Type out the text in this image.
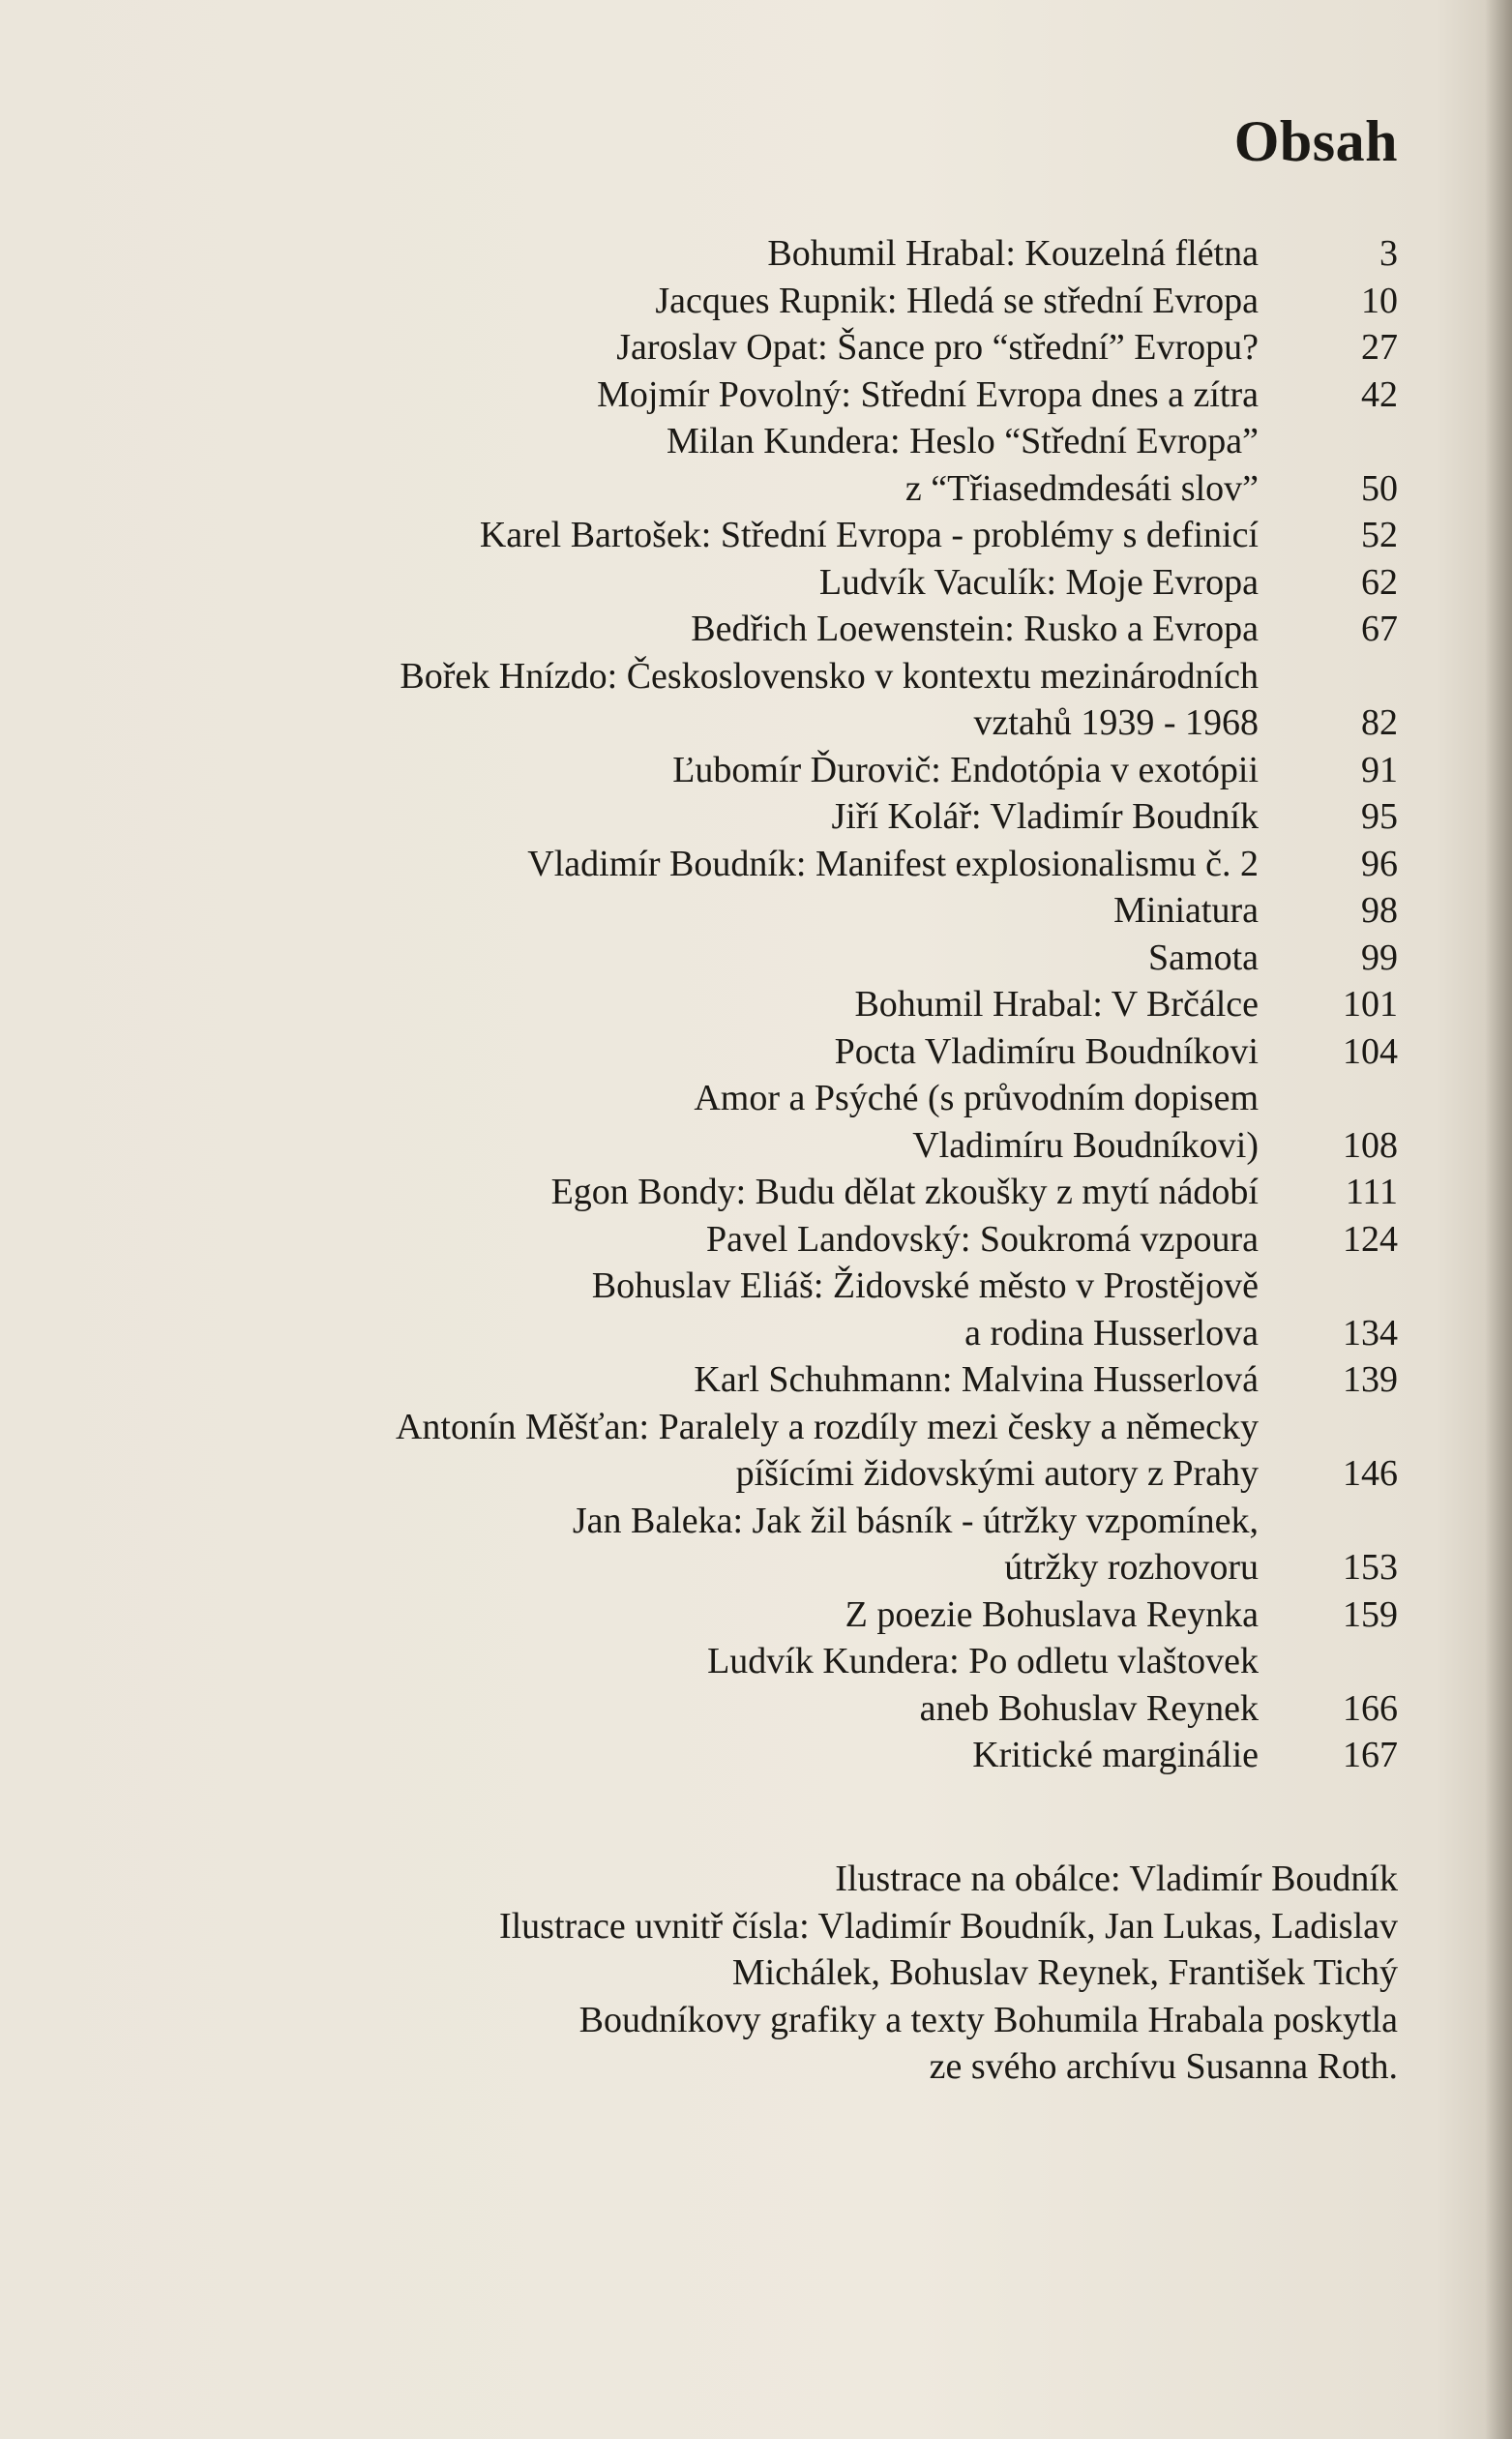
Obsah
Bohumil Hrabal: Kouzelná flétna	3
Jacques Rupnik: Hledá se střední Evropa	10
Jaroslav Opat: Šance pro “střední” Evropu?	27
Mojmír Povolný: Střední Evropa dnes a zítra	42
Milan Kundera: Heslo “Střední Evropa”
z “Třiasedmdesáti slov”	50
Karel Bartošek: Střední Evropa - problémy s definicí	52
Ludvík Vaculík: Moje Evropa	62
Bedřich Loewenstein: Rusko a Evropa	67
Bořek Hnízdo: Československo v kontextu mezinárodních
vztahů 1939 - 1968	82
Ľubomír Ďurovič: Endotópia v exotópii	91
Jiří Kolář: Vladimír Boudník	95
Vladimír Boudník: Manifest explosionalismu č. 2	96
Miniatura	98
Samota	99
Bohumil Hrabal: V Brčálce	101
Pocta Vladimíru Boudníkovi	104
Amor a Psýché (s průvodním dopisem
Vladimíru Boudníkovi)	108
Egon Bondy: Budu dělat zkoušky z mytí nádobí	111
Pavel Landovský: Soukromá vzpoura	124
Bohuslav Eliáš: Židovské město v Prostějově
a rodina Husserlova	134
Karl Schuhmann: Malvina Husserlová	139
Antonín Měšťan: Paralely a rozdíly mezi česky a německy
píšícími židovskými autory z Prahy	146
Jan Baleka: Jak žil básník - útržky vzpomínek,
útržky rozhovoru	153
Z poezie Bohuslava Reynka	159
Ludvík Kundera: Po odletu vlaštovek
aneb Bohuslav Reynek	166
Kritické marginálie	167
Ilustrace na obálce: Vladimír Boudník
Ilustrace uvnitř čísla: Vladimír Boudník, Jan Lukas, Ladislav
Michálek, Bohuslav Reynek, František Tichý
Boudníkovy grafiky a texty Bohumila Hrabala poskytla
ze svého archívu Susanna Roth.
